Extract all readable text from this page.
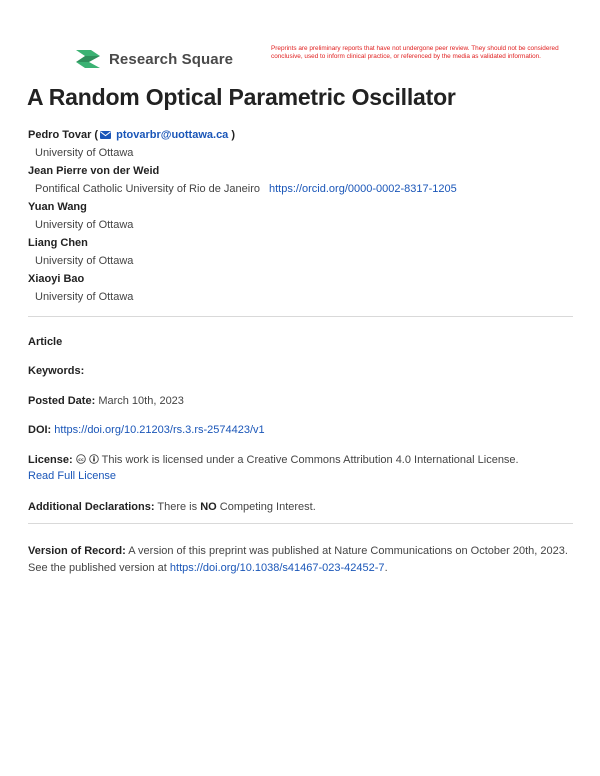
Research Square
Preprints are preliminary reports that have not undergone peer review. They should not be considered conclusive, used to inform clinical practice, or referenced by the media as validated information.
A Random Optical Parametric Oscillator
Pedro Tovar ( ptovarbr@uottawa.ca )
University of Ottawa
Jean Pierre von der Weid
Pontifical Catholic University of Rio de Janeiro https://orcid.org/0000-0002-8317-1205
Yuan Wang
University of Ottawa
Liang Chen
University of Ottawa
Xiaoyi Bao
University of Ottawa
Article
Keywords:
Posted Date: March 10th, 2023
DOI: https://doi.org/10.21203/rs.3.rs-2574423/v1
License: cc This work is licensed under a Creative Commons Attribution 4.0 International License.
Read Full License
Additional Declarations: There is NO Competing Interest.
Version of Record: A version of this preprint was published at Nature Communications on October 20th, 2023. See the published version at https://doi.org/10.1038/s41467-023-42452-7.
